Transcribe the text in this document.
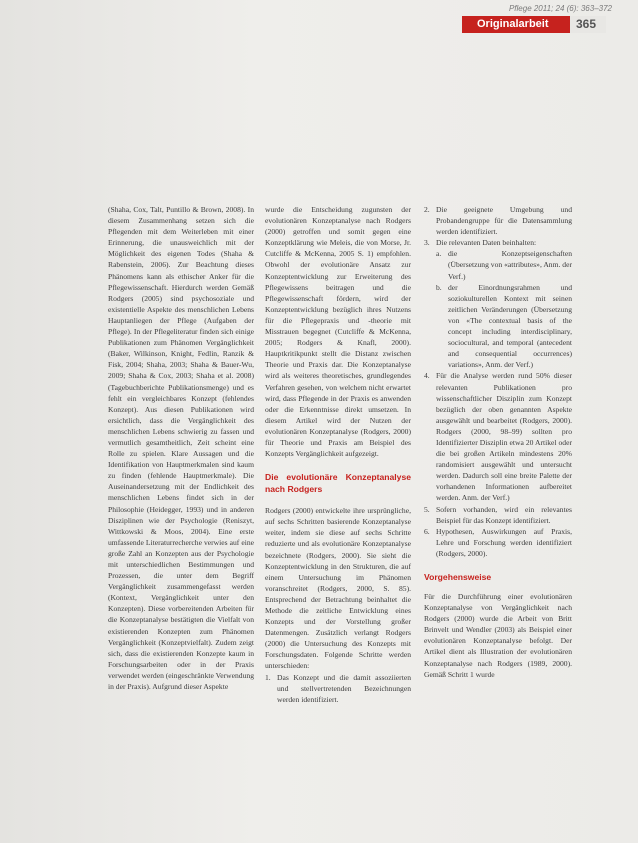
Pflege 2011; 24 (6): 363–372
Originalarbeit 365

(Shaha, Cox, Talt, Puntillo & Brown, 2008). In diesem Zusammenhang setzen sich die Pflegenden mit dem Weiterleben mit einer Erinnerung, die unausweichlich mit der Möglichkeit des eigenen Todes (Shaha & Rabenstein, 2006). Zur Beachtung dieses Phänomens kann als ethischer Anker für die Pflegewissenschaft. Hierdurch werden Gemäß Rodgers (2005) sind psychosoziale und existentielle Aspekte des menschlichen Lebens Hauptanliegen der Pflege (Aufgaben der Pflege). In der Pflegeliteratur finden sich einige Publikationen zum Phänomen Vergänglichkeit (Baker, Wilkinson, Knight, Fedlin, Ranzik & Fisk, 2004; Shaha, 2003; Shaha & Bauer-Wu, 2009; Shaha & Cox, 2003; Shaha et al. 2008) (Tagebuchberichte Publikationsmenge) und es fehlt ein vergleichbares Konzept (fehlendes Konzept). Aus diesen Publikationen wird ersichtlich, dass die Vergänglichkeit des menschlichen Lebens schwierig zu fassen und vermutlich gesamtheitlich, Zeit scheint eine Rolle zu spielen. Klare Aussagen und die Identifikation von Hauptmerkmalen sind kaum zu finden (fehlende Hauptmerkmale). Die Auseinandersetzung mit der Endlichkeit des menschlichen Lebens findet sich in der Philosophie (Heidegger, 1993) und in anderen Disziplinen wie der Psychologie (Reniszyt, Wittkowski & Moos, 2004). Eine erste umfassende Literaturrecherche verwies auf eine große Zahl an Konzepten aus der Psychologie mit unterschiedlichen Bestimmungen und Prozessen, die unter dem Begriff Vergänglichkeit zusammengefasst werden (Kontext, Vergänglichkeit unter den Konzepten). Diese vorbereitenden Arbeiten für die Konzeptanalyse bestätigten die Vielfalt von existierenden Konzepten zum Phänomen Vergänglichkeit (Konzeptvielfalt). Zudem zeigt sich, dass die existierenden Konzepte kaum in Forschungsarbeiten oder in der Praxis verwendet werden (eingeschränkte Verwendung in der Praxis). Aufgrund dieser Aspekte

wurde die Entscheidung zugunsten der evolutionären Konzeptanalyse nach Rodgers (2000) getroffen und somit gegen eine Konzeptklärung wie Meleis, die von Morse, Jr. Cutcliffe & McKenna, 2005 S. 1) empfohlen. Obwohl der evolutionäre Ansatz zur Konzeptentwicklung zur Erweiterung des Pflegewissens beitragen und die Pflegewissenschaft fördern, wird der Konzeptentwicklung bezüglich ihres Nutzens für die Pflegepraxis und -theorie mit Misstrauen begegnet (Cutcliffe & McKenna, 2005; Rodgers & Knafl, 2000). Hauptkritikpunkt stellt die Distanz zwischen Theorie und Praxis dar. Die Konzeptanalyse wird als weiteres theoretisches, grundlegendes Verfahren gesehen, von welchem nicht erwartet wird, dass Pflegende in der Praxis es anwenden oder die Erkenntnisse direkt umsetzen. In diesem Artikel wird der Nutzen der evolutionären Konzeptanalyse (Rodgers, 2000) für Theorie und Praxis am Beispiel des Konzepts Vergänglichkeit aufgezeigt.

Die evolutionäre Konzeptanalyse nach Rodgers

Rodgers (2000) entwickelte ihre ursprüngliche, auf sechs Schritten basierende Konzeptanalyse weiter, indem sie diese auf sechs Schritte reduzierte und als evolutionäre Konzeptanalyse bezeichnete (Rodgers, 2000). Sie sieht die Konzeptentwicklung in den Strukturen, die auf einem Untersuchung im Phänomen voranschreitet (Rodgers, 2000, S. 85). Entsprechend der Betrachtung beinhaltet die Methode die zeitliche Entwicklung eines Konzepts und der Vorstellung großer Datenmengen. Zusätzlich verlangt Rodgers (2000) die Untersuchung des Konzepts mit Forschungsdaten. Folgende Schritte werden unterschieden:

1. Das Konzept und die damit assoziierten und stellvertretenden Bezeichnungen werden identifiziert.
2. Die geeignete Umgebung und Probandengruppe für die Datensammlung werden identifiziert.
3. Die relevanten Daten beinhalten:
a. die Konzeptseigenschaften (Übersetzung von «attributes», Anm. der Verf.)
b. der Einordnungsrahmen und soziokulturellen Kontext mit seinen zeitlichen Veränderungen (Übersetzung von «The contextual basis of the concept including interdisciplinary, sociocultural, and temporal (antecedent and consequential occurrences) variations», Anm. der Verf.)
4. Für die Analyse werden rund 50% dieser relevanten Publikationen pro wissenschaftlicher Disziplin zum Konzept bezüglich der oben genannten Aspekte ausgewählt und bearbeitet (Rodgers, 2000). Rodgers (2000, 98–99) sollten pro Identifizierter Disziplin etwa 20 Artikel oder die bei großen Artikeln mindestens 20% randomisiert ausgewählt und untersucht werden. Dadurch soll eine breite Palette der vorhandenen Informationen aufbereitet werden. Anm. der Verf.)
5. Sofern vorhanden, wird ein relevantes Beispiel für das Konzept identifiziert.
6. Hypothesen, Auswirkungen auf Praxis, Lehre und Forschung werden identifiziert (Rodgers, 2000).
Vorgehensweise

Für die Durchführung einer evolutionären Konzeptanalyse von Vergänglichkeit nach Rodgers (2000) wurde die Arbeit von Britt Brinvelt und Wendler (2003) als Beispiel einer evolutionären Konzeptanalyse befolgt. Der Artikel dient als Illustration der evolutionären Konzeptanalyse nach Rodgers (1989, 2000). Gemäß Schritt 1 wurde
